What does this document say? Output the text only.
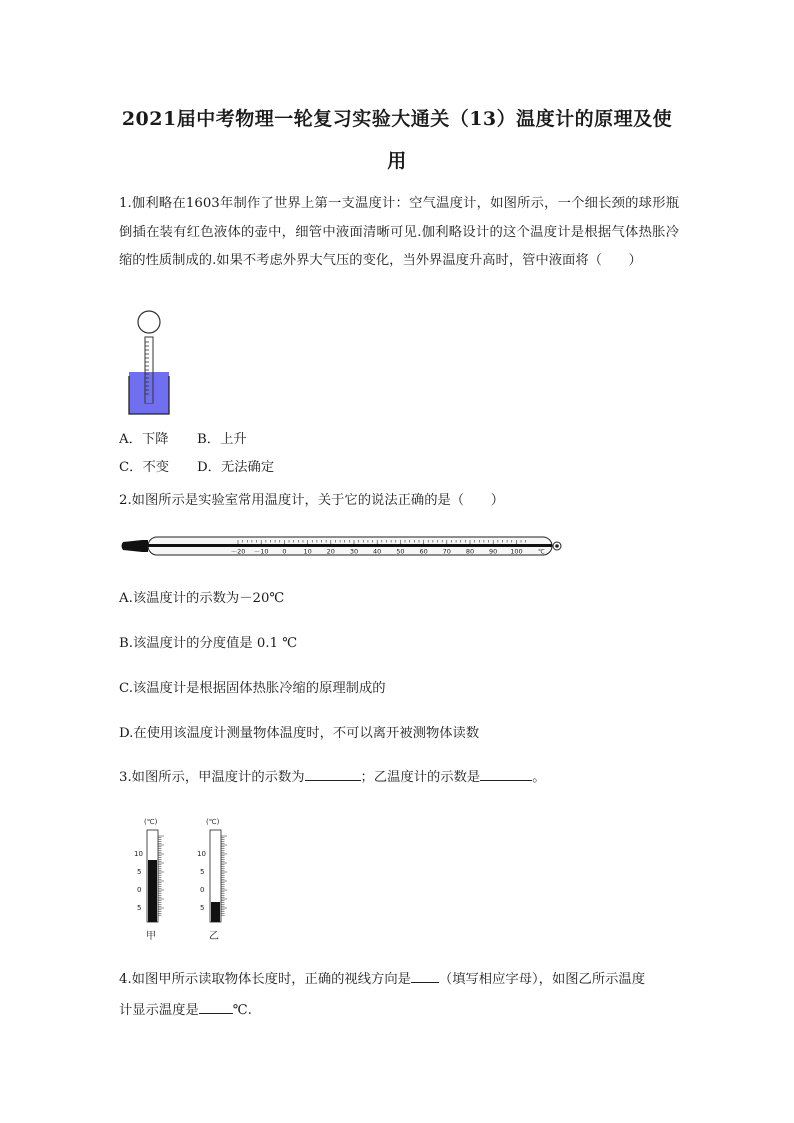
2021届中考物理一轮复习实验大通关（13）温度计的原理及使
用
1.伽利略在1603年制作了世界上第一支温度计：空气温度计，如图所示，一个细长颈的球形瓶倒插在装有红色液体的壶中，细管中液面清晰可见.伽利略设计的这个温度计是根据气体热胀冷缩的性质制成的.如果不考虑外界大气压的变化，当外界温度升高时，管中液面将（　　）
A．下降 B．上升
C．不变 D．无法确定
2.如图所示是实验室常用温度计，关于它的说法正确的是（　　）
－20 －10 0	10 20 30 40 50 60 70 80 90 100	℃
A.该温度计的示数为－20℃
B.该温度计的分度值是 0.1 ℃
C.该温度计是根据固体热胀冷缩的原理制成的
D.在使用该温度计测量物体温度时，不可以离开被测物体读数
3.如图所示，甲温度计的示数为	；乙温度计的示数是	。
(℃)	(℃)
10
5
0
5
10
5
0
5
甲	乙
4.如图甲所示读取物体长度时，正确的视线方向是 （填写相应字母），如图乙所示温度
计显示温度是	℃.
